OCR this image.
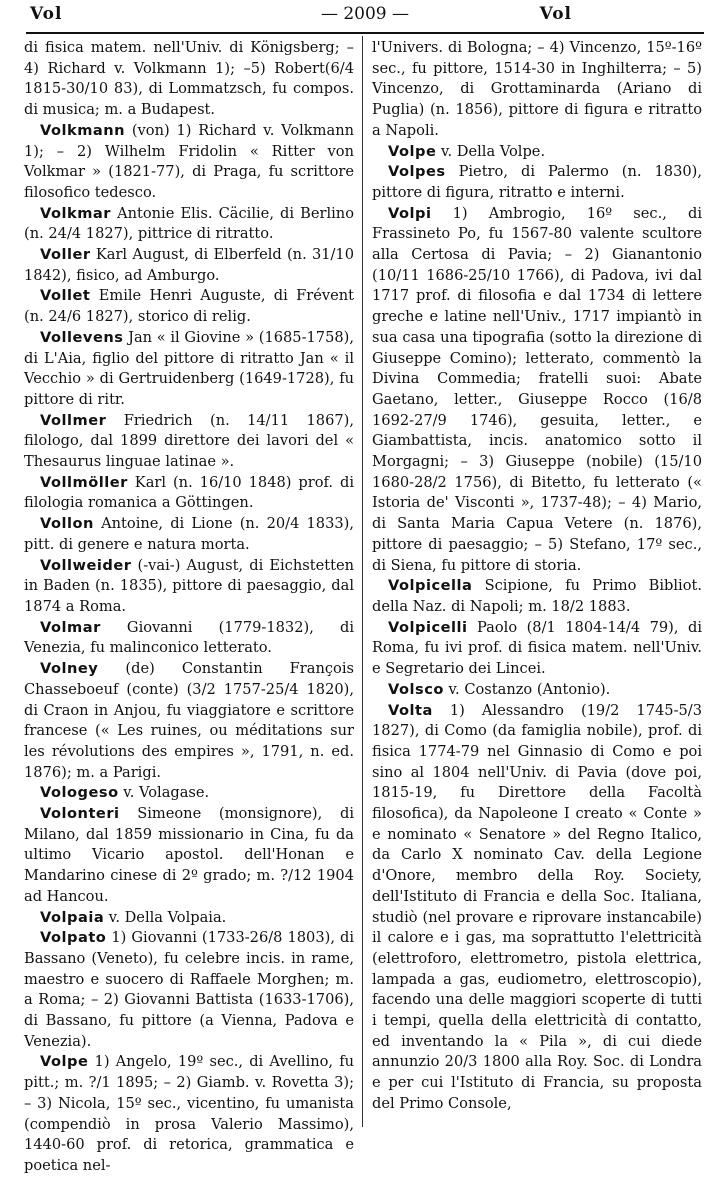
Vol	— 2009 —	Vol

di fisica matem. nell'Univ. di Königsberg; – 4) Richard v. Volkmann 1); –5) Robert(6/4 1815-30/10 83), di Lommatzsch, fu compos. di musica; m. a Budapest.

Volkmann (von) 1) Richard v. Volkmann 1); – 2) Wilhelm Fridolin « Ritter von Volkmar » (1821-77), di Praga, fu scrittore filosofico tedesco.

Volkmar Antonie Elis. Cäcilie, di Berlino (n. 24/4 1827), pittrice di ritratto.

Voller Karl August, di Elberfeld (n. 31/10 1842), fisico, ad Amburgo.

Vollet Emile Henri Auguste, di Frévent (n. 24/6 1827), storico di relig.

Vollevens Jan « il Giovine » (1685-1758), di L'Aia, figlio del pittore di ritratto Jan « il Vecchio » di Gertruidenberg (1649-1728), fu pittore di ritr.

Vollmer Friedrich (n. 14/11 1867), filologo, dal 1899 direttore dei lavori del « Thesaurus linguae latinae ».

Vollmöller Karl (n. 16/10 1848) prof. di filologia romanica a Göttingen.

Vollon Antoine, di Lione (n. 20/4 1833), pitt. di genere e natura morta.

Vollweider (-vai-) August, di Eichstetten in Baden (n. 1835), pittore di paesaggio, dal 1874 a Roma.

Volmar Giovanni (1779-1832), di Venezia, fu malinconico letterato.

Volney (de) Constantin François Chasseboeuf (conte) (3/2 1757-25/4 1820), di Craon in Anjou, fu viaggiatore e scrittore francese (« Les ruines, ou méditations sur les révolutions des empires », 1791, n. ed. 1876); m. a Parigi.

Vologeso v. Volagase.

Volonteri Simeone (monsignore), di Milano, dal 1859 missionario in Cina, fu da ultimo Vicario apostol. dell'Honan e Mandarino cinese di 2º grado; m. ?/12 1904 ad Hancou.

Volpaia v. Della Volpaia.

Volpato 1) Giovanni (1733-26/8 1803), di Bassano (Veneto), fu celebre incis. in rame, maestro e suocero di Raffaele Morghen; m. a Roma; – 2) Giovanni Battista (1633-1706), di Bassano, fu pittore (a Vienna, Padova e Venezia).

Volpe 1) Angelo, 19º sec., di Avellino, fu pitt.; m. ?/1 1895; – 2) Giamb. v. Rovetta 3); – 3) Nicola, 15º sec., vicentino, fu umanista (compendiò in prosa Valerio Massimo), 1440-60 prof. di retorica, grammatica e poetica nel-

l'Univers. di Bologna; – 4) Vincenzo, 15º-16º sec., fu pittore, 1514-30 in Inghilterra; – 5) Vincenzo, di Grottaminarda (Ariano di Puglia) (n. 1856), pittore di figura e ritratto a Napoli.

Volpe v. Della Volpe.

Volpes Pietro, di Palermo (n. 1830), pittore di figura, ritratto e interni.

Volpi 1) Ambrogio, 16º sec., di Frassineto Po, fu 1567-80 valente scultore alla Certosa di Pavia; – 2) Gianantonio (10/11 1686-25/10 1766), di Padova, ivi dal 1717 prof. di filosofia e dal 1734 di lettere greche e latine nell'Univ., 1717 impiantò in sua casa una tipografia (sotto la direzione di Giuseppe Comino); letterato, commentò la Divina Commedia; fratelli suoi: Abate Gaetano, letter., Giuseppe Rocco (16/8 1692-27/9 1746), gesuita, letter., e Giambattista, incis. anatomico sotto il Morgagni; – 3) Giuseppe (nobile) (15/10 1680-28/2 1756), di Bitetto, fu letterato (« Istoria de' Visconti », 1737-48); – 4) Mario, di Santa Maria Capua Vetere (n. 1876), pittore di paesaggio; – 5) Stefano, 17º sec., di Siena, fu pittore di storia.

Volpicella Scipione, fu Primo Bibliot. della Naz. di Napoli; m. 18/2 1883.

Volpicelli Paolo (8/1 1804-14/4 79), di Roma, fu ivi prof. di fisica matem. nell'Univ. e Segretario dei Lincei.

Volsco v. Costanzo (Antonio).

Volta 1) Alessandro (19/2 1745-5/3 1827), di Como (da famiglia nobile), prof. di fisica 1774-79 nel Ginnasio di Como e poi sino al 1804 nell'Univ. di Pavia (dove poi, 1815-19, fu Direttore della Facoltà filosofica), da Napoleone I creato « Conte » e nominato « Senatore » del Regno Italico, da Carlo X nominato Cav. della Legione d'Onore, membro della Roy. Society, dell'Istituto di Francia e della Soc. Italiana, studiò (nel provare e riprovare instancabile) il calore e i gas, ma soprattutto l'elettricità (elettroforo, elettrometro, pistola elettrica, lampada a gas, eudiometro, elettroscopio), facendo una delle maggiori scoperte di tutti i tempi, quella della elettricità di contatto, ed inventando la « Pila », di cui diede annunzio 20/3 1800 alla Roy. Soc. di Londra e per cui l'Istituto di Francia, su proposta del Primo Console,
